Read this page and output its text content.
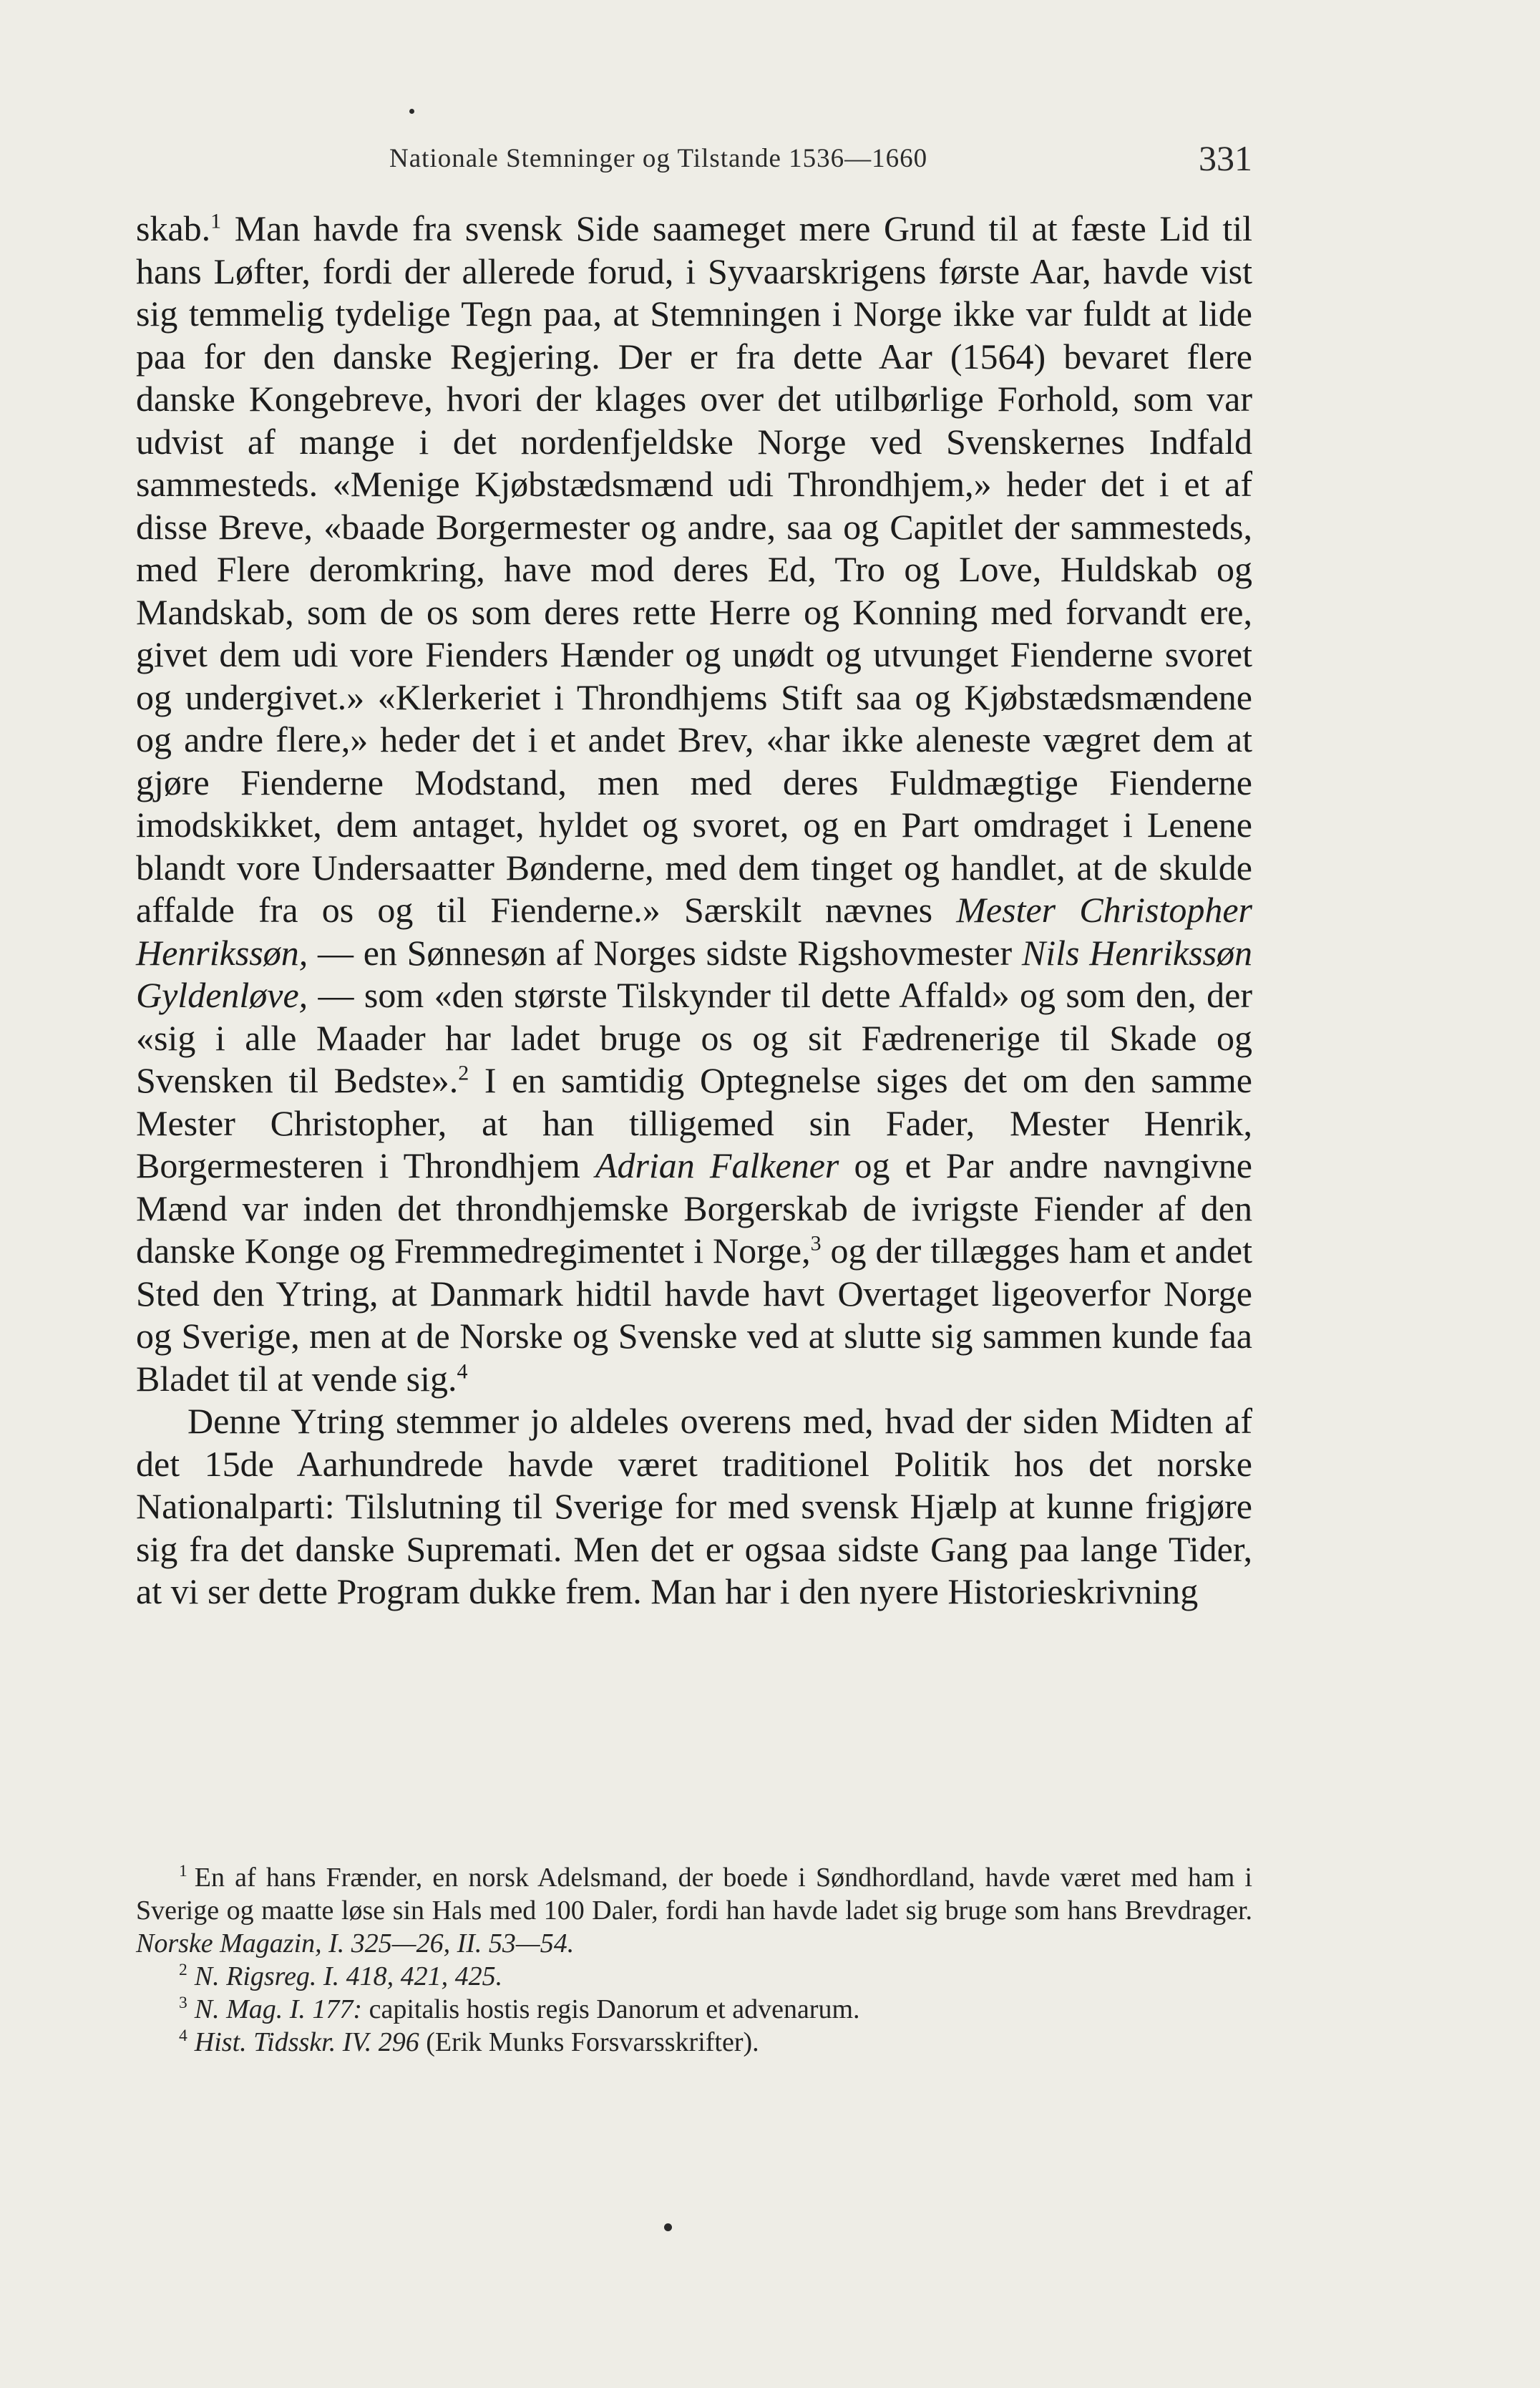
Nationale Stemninger og Tilstande 1536—1660	331

skab.$^1$ Man havde fra svensk Side saameget mere Grund til at fæste Lid til hans Løfter, fordi der allerede forud, i Syvaarskrigens første Aar, havde vist sig temmelig tydelige Tegn paa, at Stemningen i Norge ikke var fuldt at lide paa for den danske Regjering. Der er fra dette Aar (1564) bevaret flere danske Kongebreve, hvori der klages over det utilbørlige Forhold, som var udvist af mange i det nordenfjeldske Norge ved Svenskernes Indfald sammesteds. «Menige Kjøbstædsmænd udi Throndhjem,» heder det i et af disse Breve, «baade Borgermester og andre, saa og Capitlet der sammesteds, med Flere deromkring, have mod deres Ed, Tro og Love, Huldskab og Mandskab, som de os som deres rette Herre og Konning med forvandt ere, givet dem udi vore Fienders Hænder og unødt og utvunget Fienderne svoret og undergivet.» «Klerkeriet i Throndhjems Stift saa og Kjøbstædsmændene og andre flere,» heder det i et andet Brev, «har ikke aleneste vægret dem at gjøre Fienderne Modstand, men med deres Fuldmægtige Fienderne imodskikket, dem antaget, hyldet og svoret, og en Part omdraget i Lenene blandt vore Undersaatter Bønderne, med dem tinget og handlet, at de skulde affalde fra os og til Fienderne.» Særskilt nævnes Mester Christopher Henrikssøn, — en Sønnesøn af Norges sidste Rigshovmester Nils Henrikssøn Gyldenløve, — som «den største Tilskynder til dette Affald» og som den, der «sig i alle Maader har ladet bruge os og sit Fædrenerige til Skade og Svensken til Bedste».$^2$ I en samtidig Optegnelse siges det om den samme Mester Christopher, at han tilligemed sin Fader, Mester Henrik, Borgermesteren i Throndhjem Adrian Falkener og et Par andre navngivne Mænd var inden det throndhjemske Borgerskab de ivrigste Fiender af den danske Konge og Fremmedregimentet i Norge,$^3$ og der tillægges ham et andet Sted den Ytring, at Danmark hidtil havde havt Overtaget ligeoverfor Norge og Sverige, men at de Norske og Svenske ved at slutte sig sammen kunde faa Bladet til at vende sig.$^4$

Denne Ytring stemmer jo aldeles overens med, hvad der siden Midten af det 15de Aarhundrede havde været traditionel Politik hos det norske Nationalparti: Tilslutning til Sverige for med svensk Hjælp at kunne frigjøre sig fra det danske Supremati. Men det er ogsaa sidste Gang paa lange Tider, at vi ser dette Program dukke frem. Man har i den nyere Historieskrivning

$^1$ En af hans Frænder, en norsk Adelsmand, der boede i Søndhordland, havde været med ham i Sverige og maatte løse sin Hals med 100 Daler, fordi han havde ladet sig bruge som hans Brevdrager. Norske Magazin, I. 325—26, II. 53—54.

$^2$ N. Rigsreg. I. 418, 421, 425.

$^3$ N. Mag. I. 177: capitalis hostis regis Danorum et advenarum.

$^4$ Hist. Tidsskr. IV. 296 (Erik Munks Forsvarsskrifter).
